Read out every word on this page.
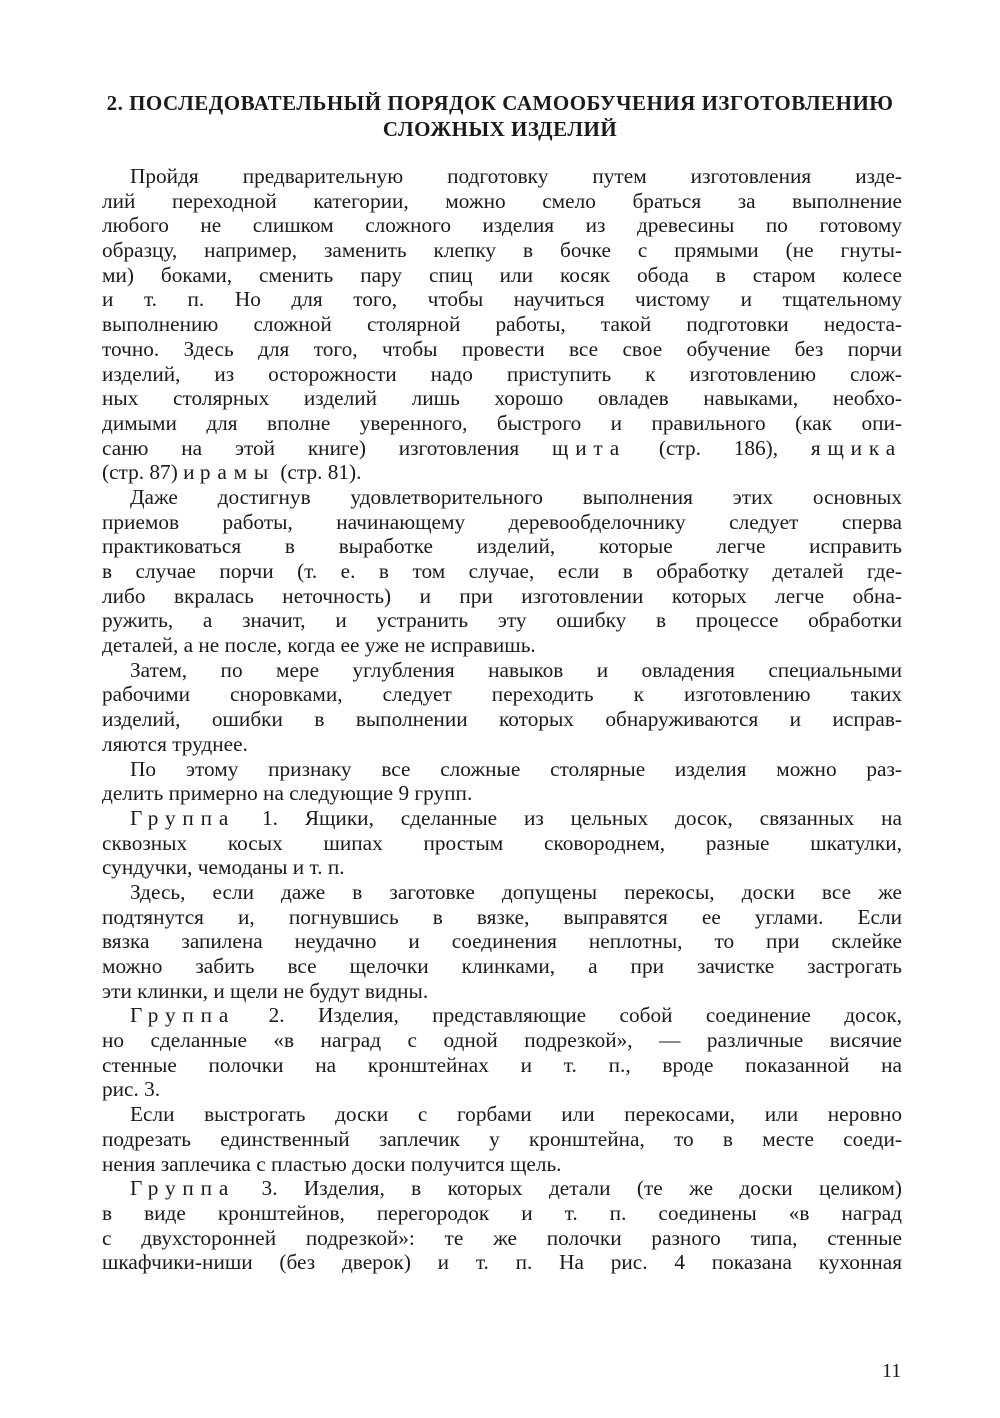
2. ПОСЛЕДОВАТЕЛЬНЫЙ ПОРЯДОК САМООБУЧЕНИЯ ИЗГОТОВЛЕНИЮ
СЛОЖНЫХ ИЗДЕЛИЙ
Пройдя предварительную подготовку путем изготовления изде-
лий переходной категории, можно смело браться за выполнение
любого не слишком сложного изделия из древесины по готовому
образцу, например, заменить клепку в бочке с прямыми (не гнуты-
ми) боками, сменить пару спиц или косяк обода в старом колесе
и т. п. Но для того, чтобы научиться чистому и тщательному
выполнению сложной столярной работы, такой подготовки недоста-
точно. Здесь для того, чтобы провести все свое обучение без порчи
изделий, из осторожности надо приступить к изготовлению слож-
ных столярных изделий лишь хорошо овладев навыками, необхо-
димыми для вполне уверенного, быстрого и правильного (как опи-
саню на этой книге) изготовления щита (стр. 186), ящика
(стр. 87) и рамы (стр. 81).
Даже достигнув удовлетворительного выполнения этих основных
приемов работы, начинающему деревообделочнику следует сперва
практиковаться в выработке изделий, которые легче исправить
в случае порчи (т. е. в том случае, если в обработку деталей где-
либо вкралась неточность) и при изготовлении которых легче обна-
ружить, а значит, и устранить эту ошибку в процессе обработки
деталей, а не после, когда ее уже не исправишь.
Затем, по мере углубления навыков и овладения специальными
рабочими сноровками, следует переходить к изготовлению таких
изделий, ошибки в выполнении которых обнаруживаются и исправ-
ляются труднее.
По этому признаку все сложные столярные изделия можно раз-
делить примерно на следующие 9 групп.
Группа 1. Ящики, сделанные из цельных досок, связанных на
сквозных косых шипах простым сковороднем, разные шкатулки,
сундучки, чемоданы и т. п.
Здесь, если даже в заготовке допущены перекосы, доски все же
подтянутся и, погнувшись в вязке, выправятся ее углами. Если
вязка запилена неудачно и соединения неплотны, то при склейке
можно забить все щелочки клинками, а при зачистке застрогать
эти клинки, и щели не будут видны.
Группа 2. Изделия, представляющие собой соединение досок,
но сделанные «в наград с одной подрезкой», — различные висячие
стенные полочки на кронштейнах и т. п., вроде показанной на
рис. 3.
Если выстрогать доски с горбами или перекосами, или неровно
подрезать единственный заплечик у кронштейна, то в месте соеди-
нения заплечика с пластью доски получится щель.
Группа 3. Изделия, в которых детали (те же доски целиком)
в виде кронштейнов, перегородок и т. п. соединены «в наград
с двухсторонней подрезкой»: те же полочки разного типа, стенные
шкафчики-ниши (без дверок) и т. п. На рис. 4 показана кухонная
11
